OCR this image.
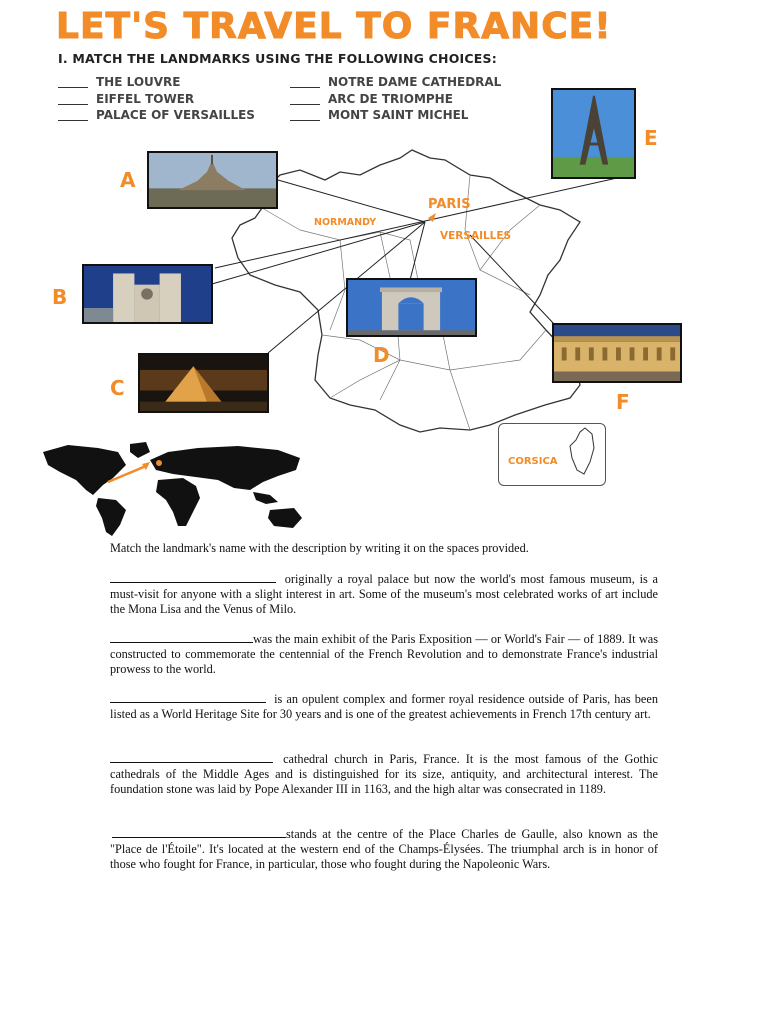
LET'S TRAVEL TO FRANCE!
I. MATCH THE LANDMARKS USING THE FOLLOWING CHOICES:
THE LOUVRE
EIFFEL TOWER
PALACE OF VERSAILLES
NOTRE DAME CATHEDRAL
ARC DE TRIOMPHE
MONT SAINT MICHEL
CORSICA
PARIS
NORMANDY
VERSAILLES
A
B
C
D
E
F
Match the landmark's name with the description by writing it on the spaces provided.
originally a royal palace but now the world's most famous museum, is a must-visit for anyone with a slight interest in art. Some of the museum's most celebrated works of art include the Mona Lisa and the Venus of Milo.
was the main exhibit of the Paris Exposition — or World's Fair — of 1889. It was constructed to commemorate the centennial of the French Revolution and to demonstrate France's industrial prowess to the world.
is an opulent complex and former royal residence outside of Paris, has been listed as a World Heritage Site for 30 years and is one of the greatest achievements in French 17th century art.
cathedral church in Paris, France. It is the most famous of the Gothic cathedrals of the Middle Ages and is distinguished for its size, antiquity, and architectural interest. The foundation stone was laid by Pope Alexander III in 1163, and the high altar was consecrated in 1189.
stands at the centre of the Place Charles de Gaulle, also known as the "Place de l'Étoile". It's located at the western end of the Champs-Élysées. The triumphal arch is in honor of those who fought for France, in particular, those who fought during the Napoleonic Wars.
